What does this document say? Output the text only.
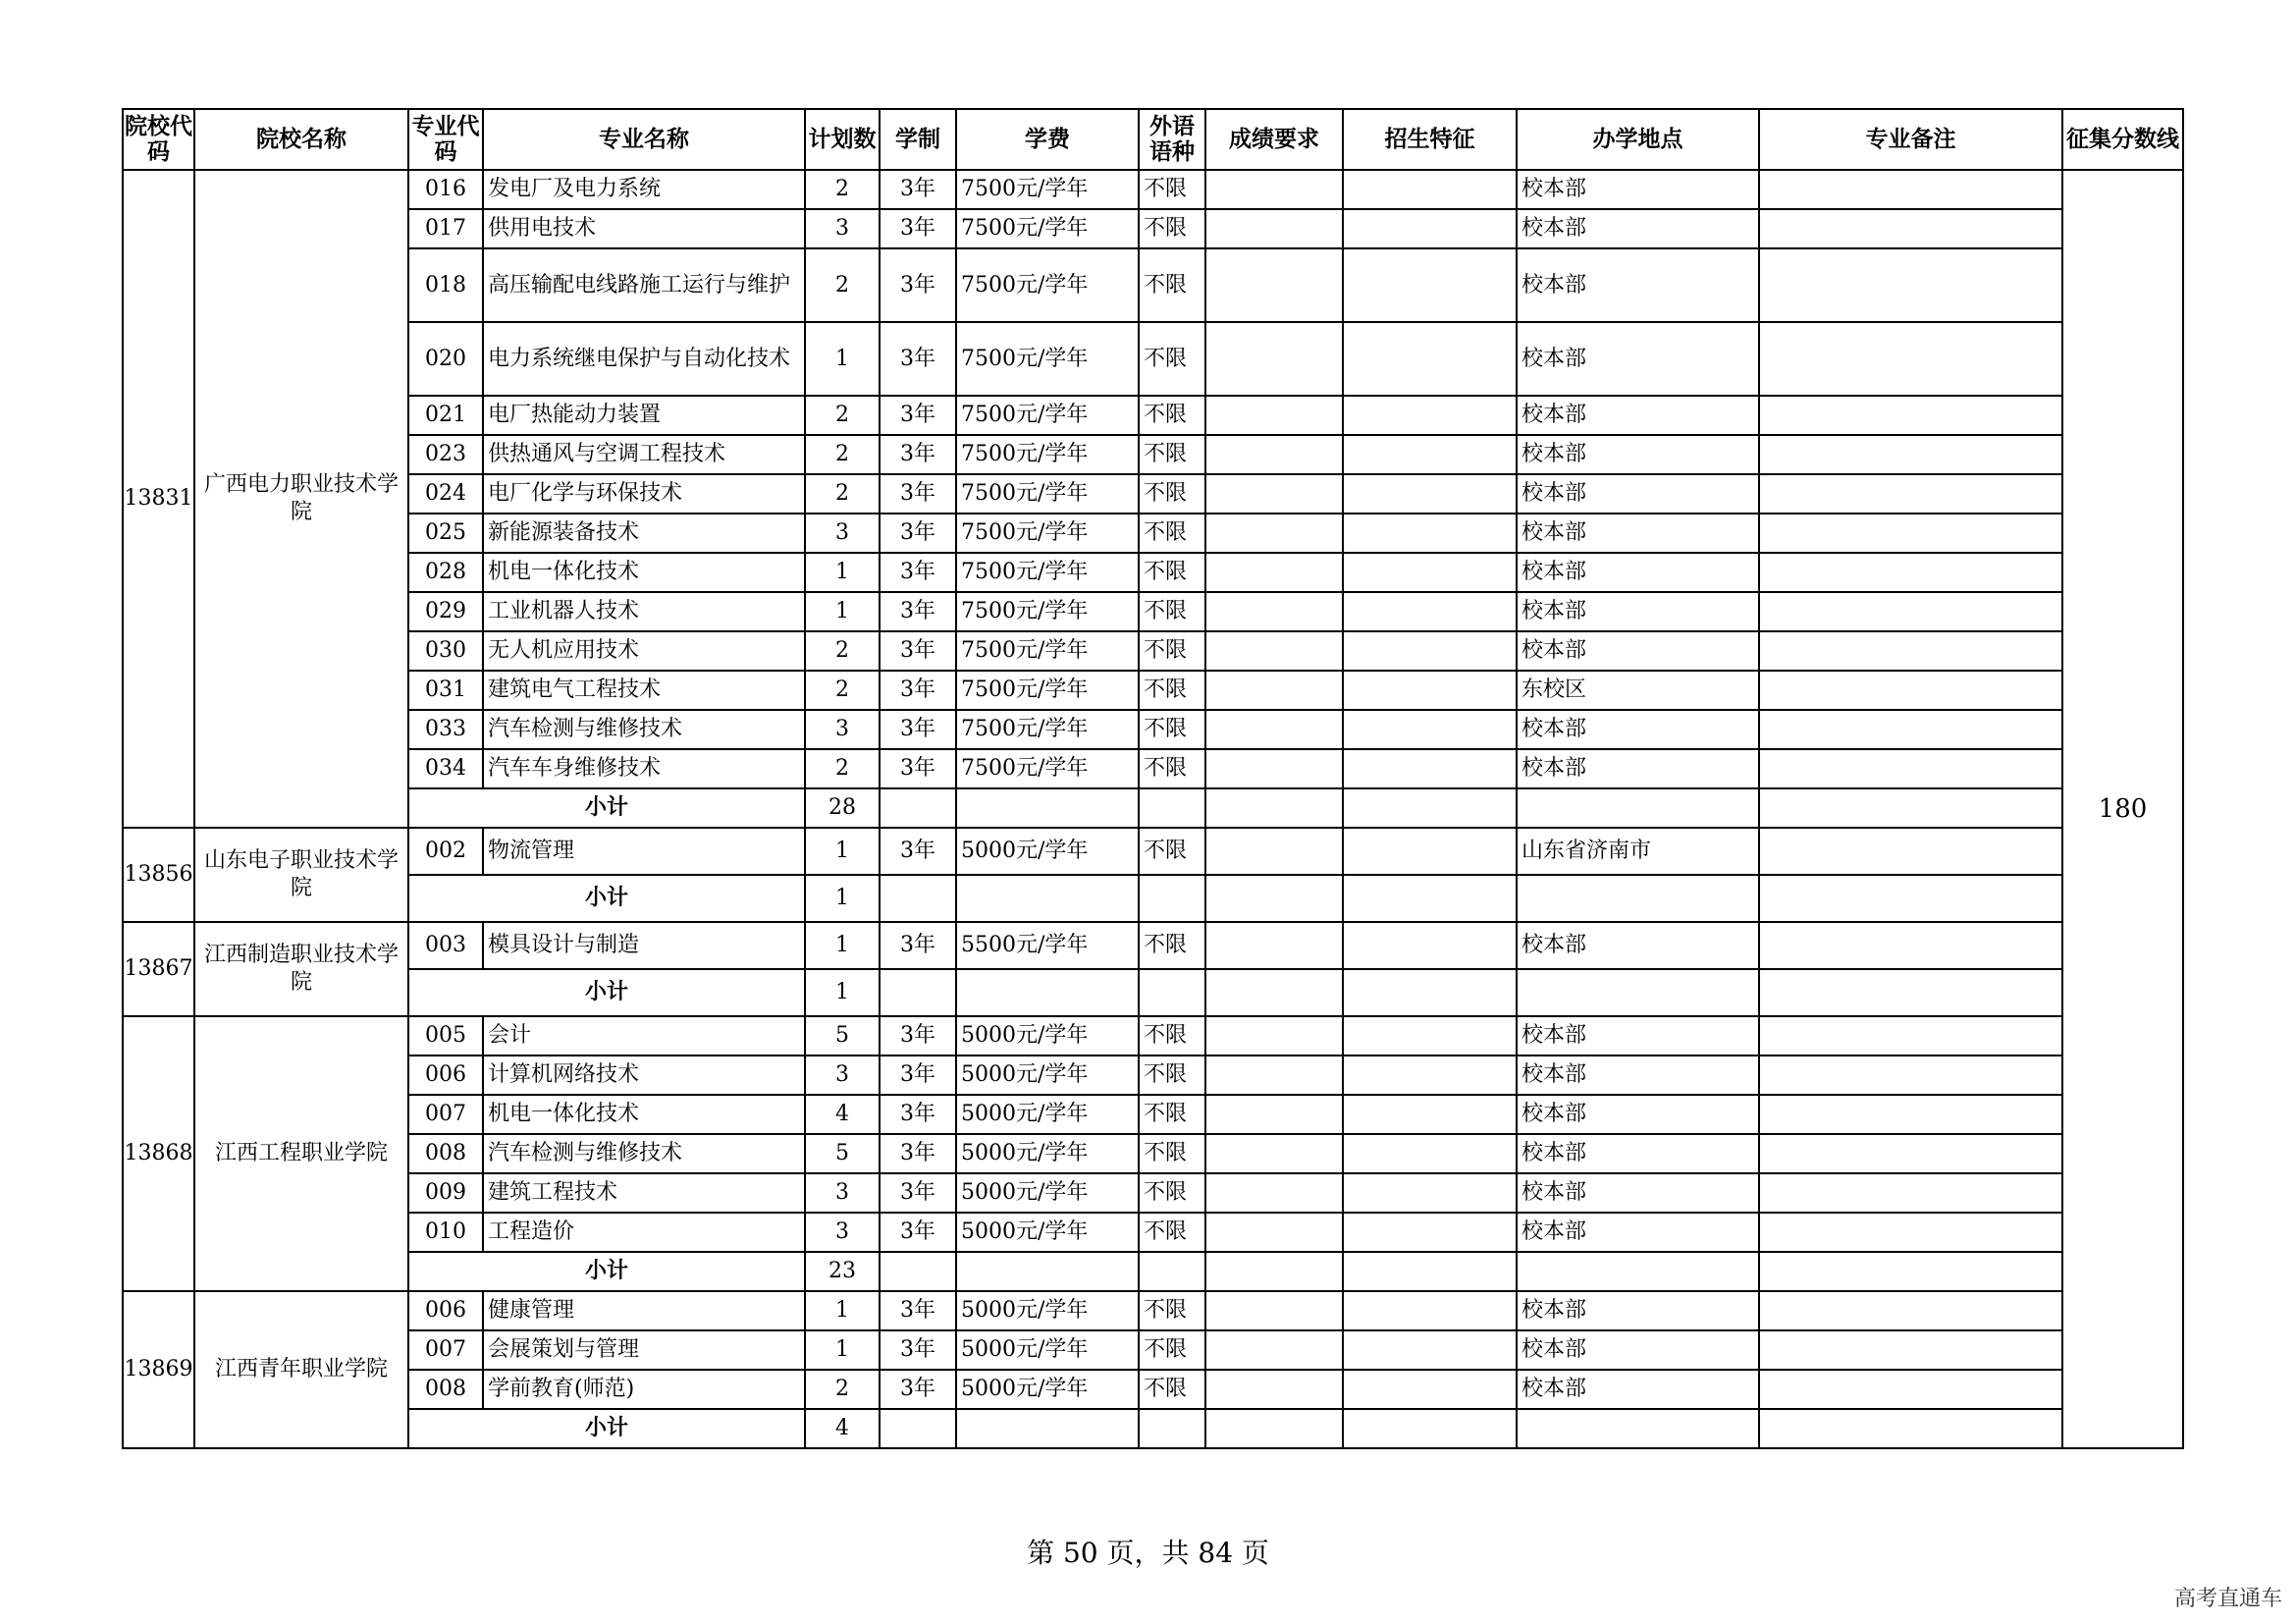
院校代码	院校名称	专业代码	专业名称	计划数	学制	学费	外语语种	成绩要求	招生特征	办学地点	专业备注	征集分数线
13831	广西电力职业技术学院	016	发电厂及电力系统	2	3年	7500元/学年	不限			校本部		180
		017	供用电技术	3	3年	7500元/学年	不限			校本部		
		018	高压输配电线路施工运行与维护	2	3年	7500元/学年	不限			校本部		
		020	电力系统继电保护与自动化技术	1	3年	7500元/学年	不限			校本部		
		021	电厂热能动力装置	2	3年	7500元/学年	不限			校本部		
		023	供热通风与空调工程技术	2	3年	7500元/学年	不限			校本部		
		024	电厂化学与环保技术	2	3年	7500元/学年	不限			校本部		
		025	新能源装备技术	3	3年	7500元/学年	不限			校本部		
		028	机电一体化技术	1	3年	7500元/学年	不限			校本部		
		029	工业机器人技术	1	3年	7500元/学年	不限			校本部		
		030	无人机应用技术	2	3年	7500元/学年	不限			校本部		
		031	建筑电气工程技术	2	3年	7500元/学年	不限			东校区		
		033	汽车检测与维修技术	3	3年	7500元/学年	不限			校本部		
		034	汽车车身维修技术	2	3年	7500元/学年	不限			校本部		
		小计		28								
13856	山东电子职业技术学院	002	物流管理	1	3年	5000元/学年	不限			山东省济南市		
		小计		1								
13867	江西制造职业技术学院	003	模具设计与制造	1	3年	5500元/学年	不限			校本部		
		小计		1								
13868	江西工程职业学院	005	会计	5	3年	5000元/学年	不限			校本部		
		006	计算机网络技术	3	3年	5000元/学年	不限			校本部		
		007	机电一体化技术	4	3年	5000元/学年	不限			校本部		
		008	汽车检测与维修技术	5	3年	5000元/学年	不限			校本部		
		009	建筑工程技术	3	3年	5000元/学年	不限			校本部		
		010	工程造价	3	3年	5000元/学年	不限			校本部		
		小计		23								
13869	江西青年职业学院	006	健康管理	1	3年	5000元/学年	不限			校本部		
		007	会展策划与管理	1	3年	5000元/学年	不限			校本部		
		008	学前教育(师范)	2	3年	5000元/学年	不限			校本部		
		小计		4								
第 50 页，共 84 页
高考直通车
